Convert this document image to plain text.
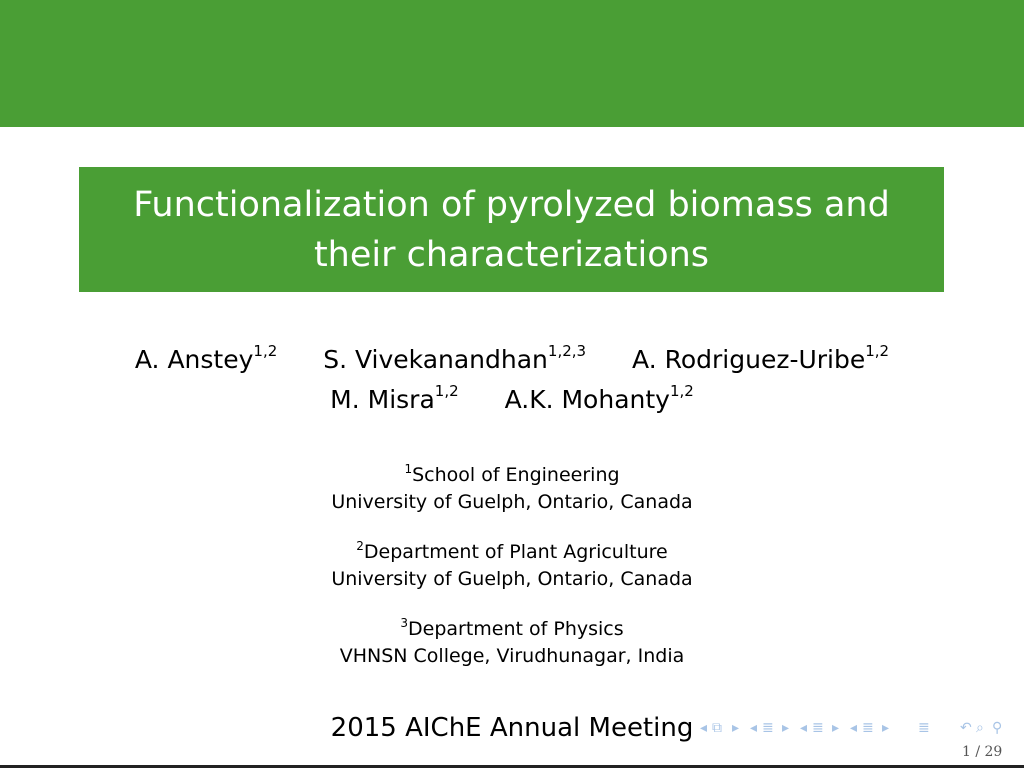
Functionalization of pyrolyzed biomass and their characterizations
A. Anstey$^{1,2}$ S. Vivekanandhan$^{1,2,3}$ A. Rodriguez-Uribe$^{1,2}$
M. Misra$^{1,2}$ A.K. Mohanty$^{1,2}$
$^1$School of Engineering
University of Guelph, Ontario, Canada
$^2$Department of Plant Agriculture
University of Guelph, Ontario, Canada
$^3$Department of Physics
VHNSN College, Virudhunagar, India
2015 AIChE Annual Meeting ◂ ⧉ ▸ ◂ ≣ ▸ ◂ ≣ ▸ ◂ ≣ ▸ ≣ ↶ ⌕ ⚲
1 / 29
